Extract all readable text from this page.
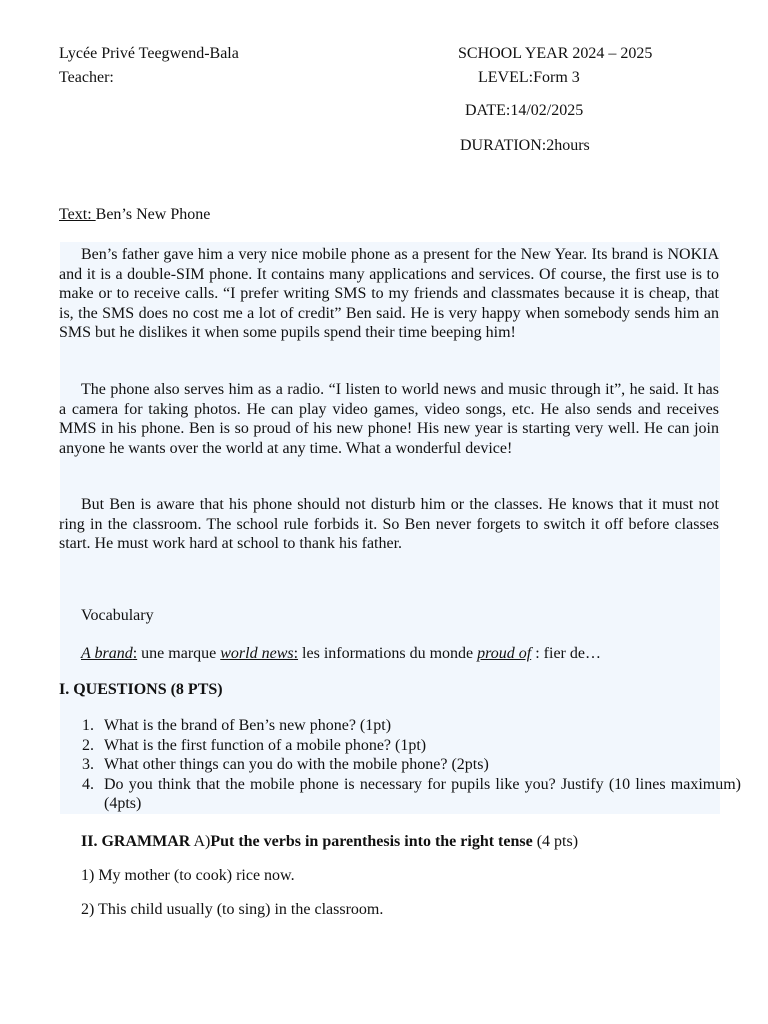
Lycée Privé Teegwend-Bala
Teacher:
SCHOOL YEAR 2024 – 2025
LEVEL:Form 3
DATE:14/02/2025
DURATION:2hours
Text: Ben’s New Phone

Ben’s father gave him a very nice mobile phone as a present for the New Year. Its brand is NOKIA and it is a double-SIM phone. It contains many applications and services. Of course, the first use is to make or to receive calls. “I prefer writing SMS to my friends and classmates because it is cheap, that is, the SMS does no cost me a lot of credit” Ben said. He is very happy when somebody sends him an SMS but he dislikes it when some pupils spend their time beeping him!

The phone also serves him as a radio. “I listen to world news and music through it”, he said. It has a camera for taking photos. He can play video games, video songs, etc. He also sends and receives MMS in his phone. Ben is so proud of his new phone! His new year is starting very well. He can join anyone he wants over the world at any time. What a wonderful device!

But Ben is aware that his phone should not disturb him or the classes. He knows that it must not ring in the classroom. The school rule forbids it. So Ben never forgets to switch it off before classes start. He must work hard at school to thank his father.

Vocabulary
A brand: une marque world news: les informations du monde proud of : fier de…
I. QUESTIONS (8 PTS)
1. What is the brand of Ben’s new phone? (1pt)
2. What is the first function of a mobile phone? (1pt)
3. What other things can you do with the mobile phone? (2pts)
4. Do you think that the mobile phone is necessary for pupils like you? Justify (10 lines maximum) (4pts)
II. GRAMMAR A)Put the verbs in parenthesis into the right tense (4 pts)
1) My mother (to cook) rice now.
2) This child usually (to sing) in the classroom.
